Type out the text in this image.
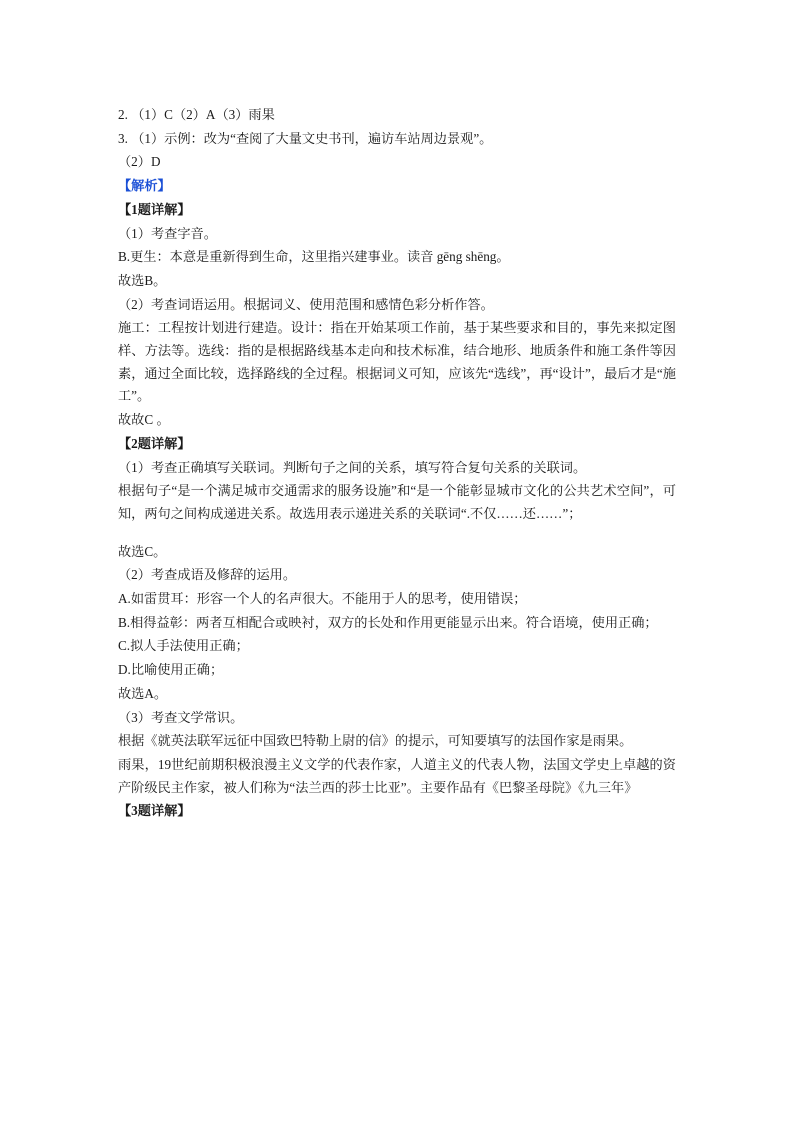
2. （1）C（2）A（3）雨果

3. （1）示例：改为“查阅了大量文史书刊，遍访车站周边景观”。

（2）D

【解析】

【1题详解】

（1）考查字音。

B.更生：本意是重新得到生命，这里指兴建事业。读音 gēng shēng。

故选B。

（2）考查词语运用。根据词义、使用范围和感情色彩分析作答。

施工：工程按计划进行建造。设计：指在开始某项工作前，基于某些要求和目的，事先来拟定图样、方法等。选线：指的是根据路线基本走向和技术标准，结合地形、地质条件和施工条件等因素，通过全面比较，选择路线的全过程。根据词义可知，应该先“选线”，再“设计”，最后才是“施工”。

故故C 。

【2题详解】

（1）考查正确填写关联词。判断句子之间的关系，填写符合复句关系的关联词。

根据句子“是一个满足城市交通需求的服务设施”和“是一个能彰显城市文化的公共艺术空间”，可知，两句之间构成递进关系。故选用表示递进关系的关联词“.不仅……还……”；

故选C。

（2）考查成语及修辞的运用。

A.如雷贯耳：形容一个人的名声很大。不能用于人的思考，使用错误；

B.相得益彰：两者互相配合或映衬，双方的长处和作用更能显示出来。符合语境，使用正确；

C.拟人手法使用正确；

D.比喻使用正确；

故选A。

（3）考查文学常识。

根据《就英法联军远征中国致巴特勒上尉的信》的提示，可知要填写的法国作家是雨果。

雨果，19世纪前期积极浪漫主义文学的代表作家，人道主义的代表人物，法国文学史上卓越的资产阶级民主作家，被人们称为“法兰西的莎士比亚”。主要作品有《巴黎圣母院》《九三年》

【3题详解】
